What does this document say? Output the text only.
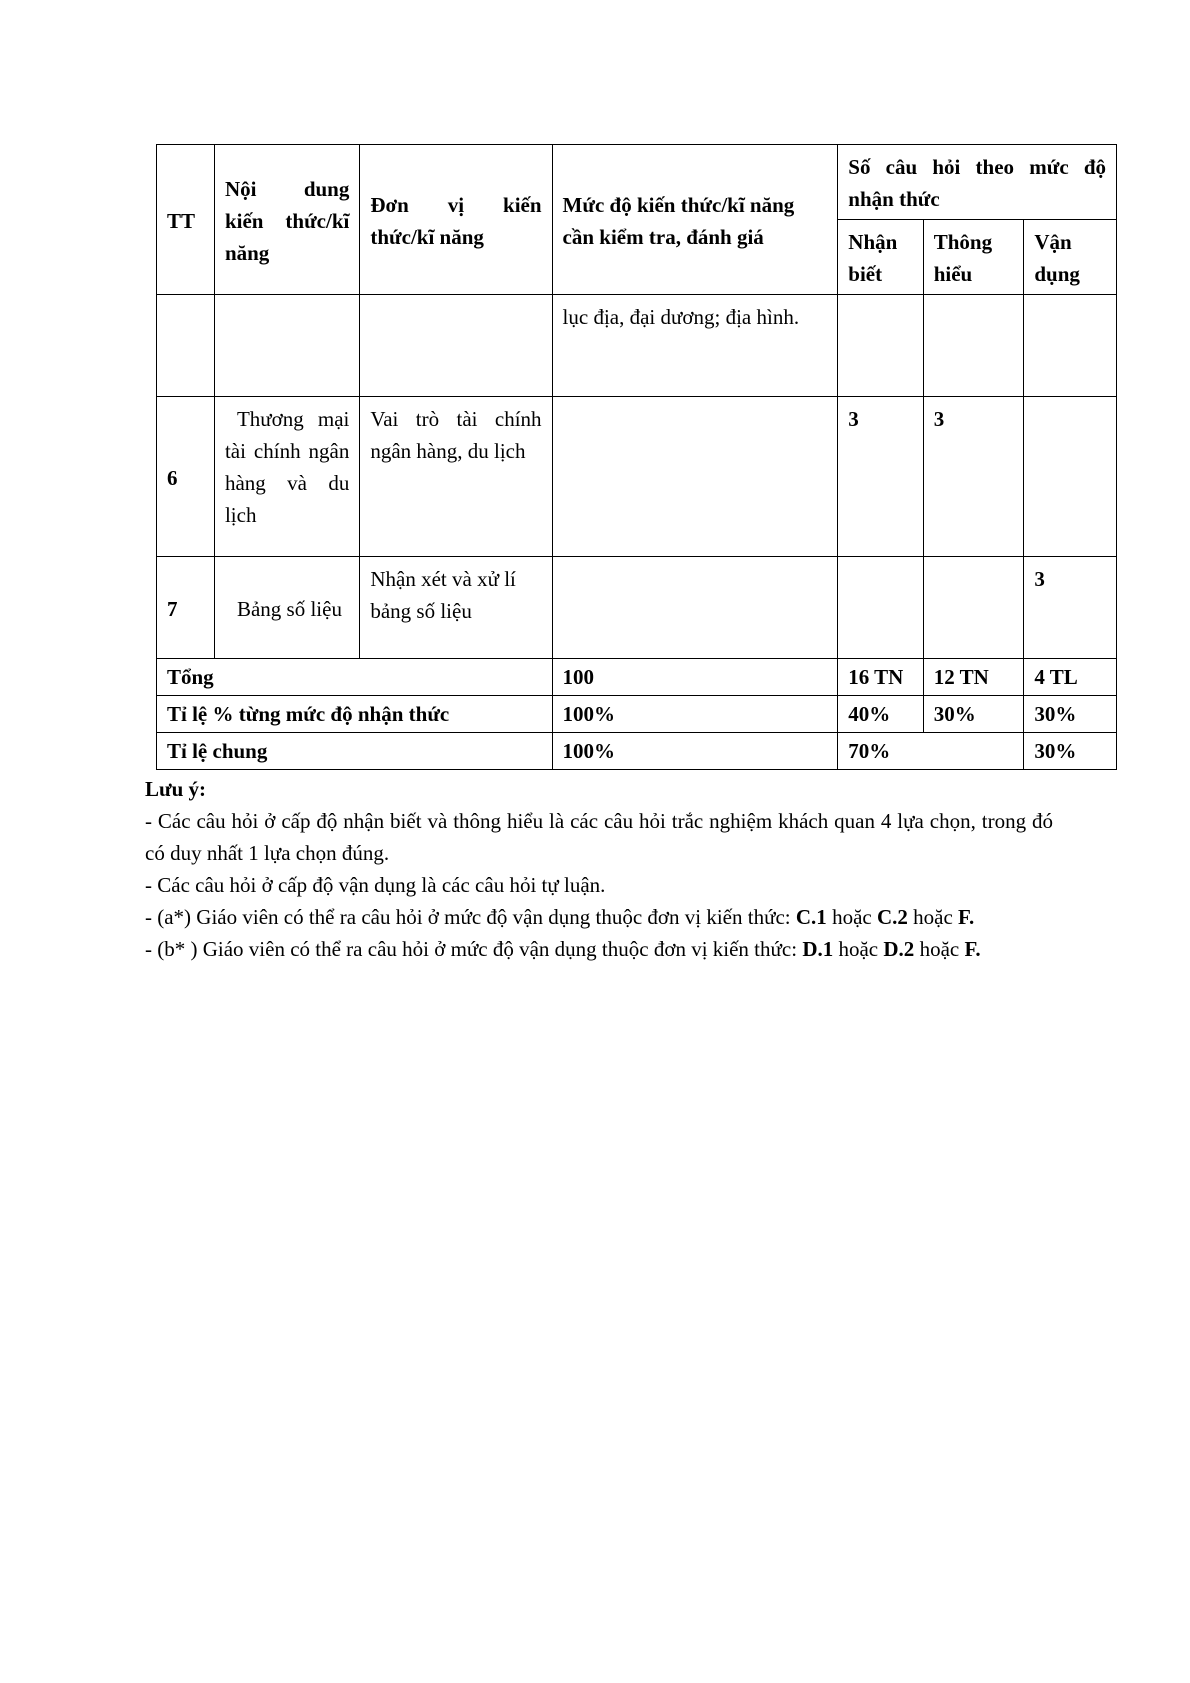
TT	Nội dung kiến thức/kĩ năng	Đơn vị kiến thức/kĩ năng	Mức độ kiến thức/kĩ năng cần kiểm tra, đánh giá	Số câu hỏi theo mức độ nhận thức		
				Nhận biết	Thông hiểu	Vận dụng
			lục địa, đại dương; địa hình.			
6	Thương mại tài chính ngân hàng và du lịch	Vai trò tài chính ngân hàng, du lịch		3	3	
7	Bảng số liệu	Nhận xét và xử lí bảng số liệu				3
Tổng			100	16 TN	12 TN	4 TL
Tỉ lệ % từng mức độ nhận thức			100%	40%	30%	30%
Tỉ lệ chung			100%	70%		30%

Lưu ý:

- Các câu hỏi ở cấp độ nhận biết và thông hiểu là các câu hỏi trắc nghiệm khách quan 4 lựa chọn, trong đó có duy nhất 1 lựa chọn đúng.

- Các câu hỏi ở cấp độ vận dụng là các câu hỏi tự luận.

- (a*) Giáo viên có thể ra câu hỏi ở mức độ vận dụng thuộc đơn vị kiến thức: C.1 hoặc C.2 hoặc F.

- (b* ) Giáo viên có thể ra câu hỏi ở mức độ vận dụng thuộc đơn vị kiến thức: D.1 hoặc D.2 hoặc F.
